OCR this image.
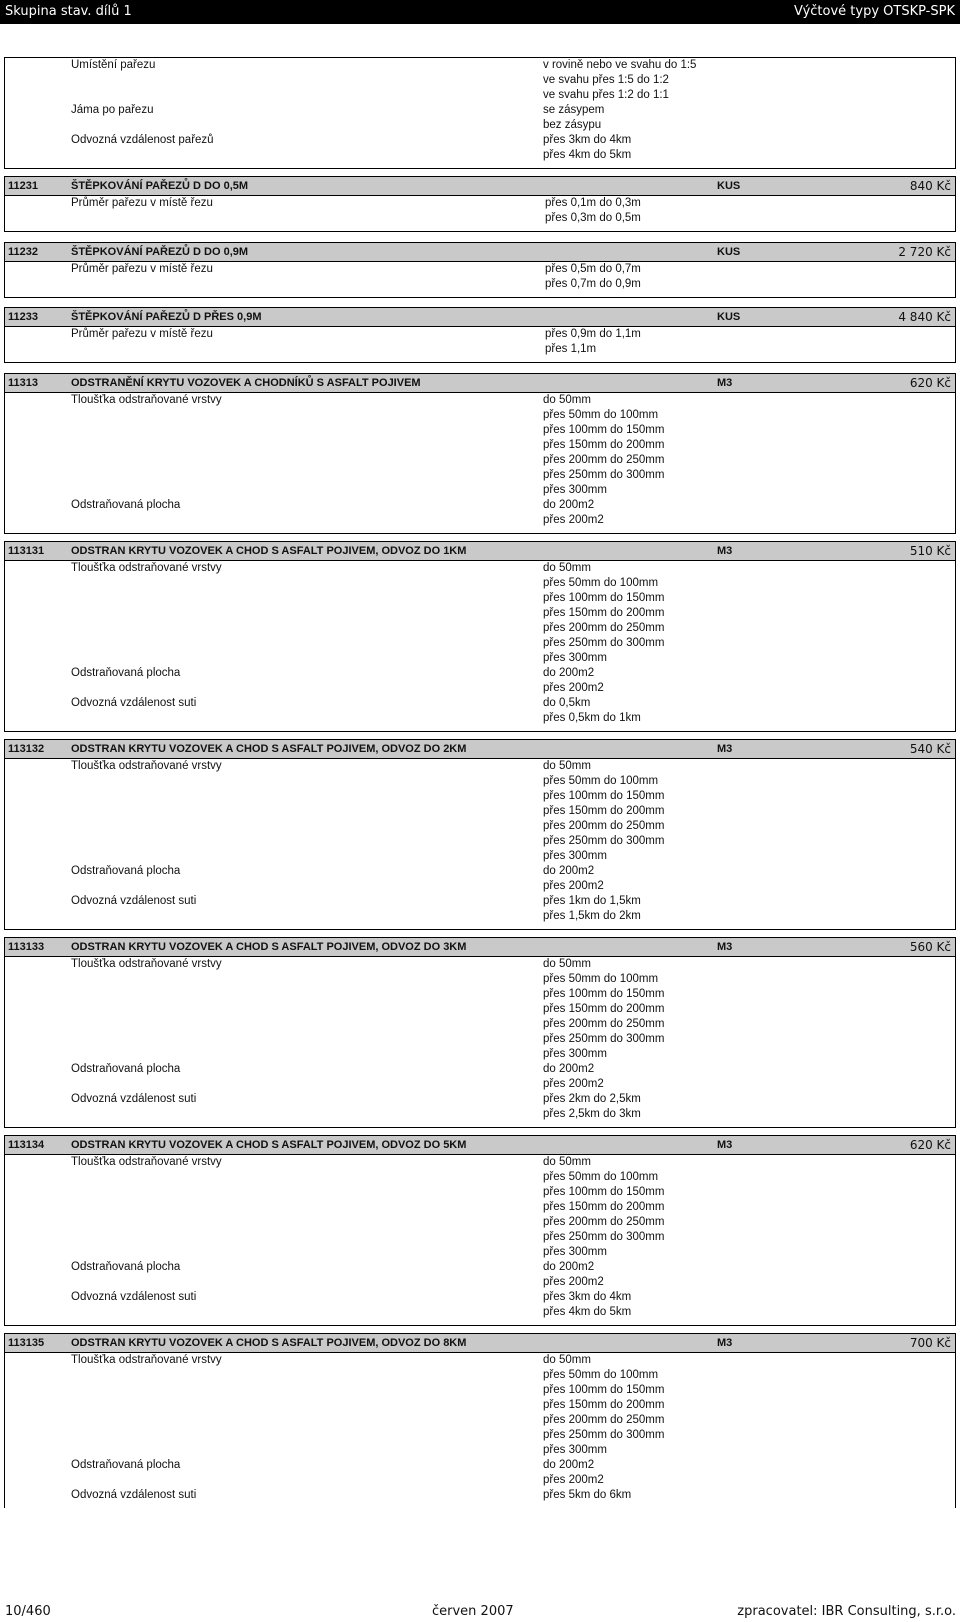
Skupina stav. dílů 1	Výčtové typy OTSKP-SPK
Umístění pařezu	v rovině nebo ve svahu do 1:5
ve svahu přes 1:5 do 1:2
ve svahu přes 1:2 do 1:1
Jáma po pařezu	se zásypem
bez zásypu
Odvozná vzdálenost pařezů	přes 3km do 4km
přes 4km do 5km
11231	ŠTĚPKOVÁNÍ PAŘEZŮ D DO 0,5M	KUS	840 Kč
Průměr pařezu v místě řezu	přes 0,1m do 0,3m
přes 0,3m do 0,5m
11232	ŠTĚPKOVÁNÍ PAŘEZŮ D DO 0,9M	KUS	2 720 Kč
Průměr pařezu v místě řezu	přes 0,5m do 0,7m
přes 0,7m do 0,9m
11233	ŠTĚPKOVÁNÍ PAŘEZŮ D PŘES 0,9M	KUS	4 840 Kč
Průměr pařezu v místě řezu	přes 0,9m do 1,1m
přes 1,1m
11313	ODSTRANĚNÍ KRYTU VOZOVEK A CHODNÍKŮ S ASFALT POJIVEM	M3	620 Kč
Tloušťka odstraňované vrstvy	do 50mm
přes 50mm do 100mm
přes 100mm do 150mm
přes 150mm do 200mm
přes 200mm do 250mm
přes 250mm do 300mm
přes 300mm
Odstraňovaná plocha	do 200m2
přes 200m2
113131 ODSTRAN KRYTU VOZOVEK A CHOD S ASFALT POJIVEM, ODVOZ DO 1KM	M3	510 Kč
Tloušťka odstraňované vrstvy	do 50mm
přes 50mm do 100mm
přes 100mm do 150mm
přes 150mm do 200mm
přes 200mm do 250mm
přes 250mm do 300mm
přes 300mm
Odstraňovaná plocha	do 200m2
přes 200m2
Odvozná vzdálenost suti	do 0,5km
přes 0,5km do 1km
113132 ODSTRAN KRYTU VOZOVEK A CHOD S ASFALT POJIVEM, ODVOZ DO 2KM	M3	540 Kč
Tloušťka odstraňované vrstvy	do 50mm
přes 50mm do 100mm
přes 100mm do 150mm
přes 150mm do 200mm
přes 200mm do 250mm
přes 250mm do 300mm
přes 300mm
Odstraňovaná plocha	do 200m2
přes 200m2
Odvozná vzdálenost suti	přes 1km do 1,5km
přes 1,5km do 2km
113133 ODSTRAN KRYTU VOZOVEK A CHOD S ASFALT POJIVEM, ODVOZ DO 3KM	M3	560 Kč
Tloušťka odstraňované vrstvy	do 50mm
přes 50mm do 100mm
přes 100mm do 150mm
přes 150mm do 200mm
přes 200mm do 250mm
přes 250mm do 300mm
přes 300mm
Odstraňovaná plocha	do 200m2
přes 200m2
Odvozná vzdálenost suti	přes 2km do 2,5km
přes 2,5km do 3km
113134 ODSTRAN KRYTU VOZOVEK A CHOD S ASFALT POJIVEM, ODVOZ DO 5KM	M3	620 Kč
Tloušťka odstraňované vrstvy	do 50mm
přes 50mm do 100mm
přes 100mm do 150mm
přes 150mm do 200mm
přes 200mm do 250mm
přes 250mm do 300mm
přes 300mm
Odstraňovaná plocha	do 200m2
přes 200m2
Odvozná vzdálenost suti	přes 3km do 4km
přes 4km do 5km
113135 ODSTRAN KRYTU VOZOVEK A CHOD S ASFALT POJIVEM, ODVOZ DO 8KM	M3	700 Kč
Tloušťka odstraňované vrstvy	do 50mm
přes 50mm do 100mm
přes 100mm do 150mm
přes 150mm do 200mm
přes 200mm do 250mm
přes 250mm do 300mm
přes 300mm
Odstraňovaná plocha	do 200m2
přes 200m2
Odvozná vzdálenost suti	přes 5km do 6km
10/460	červen 2007	zpracovatel: IBR Consulting, s.r.o.
